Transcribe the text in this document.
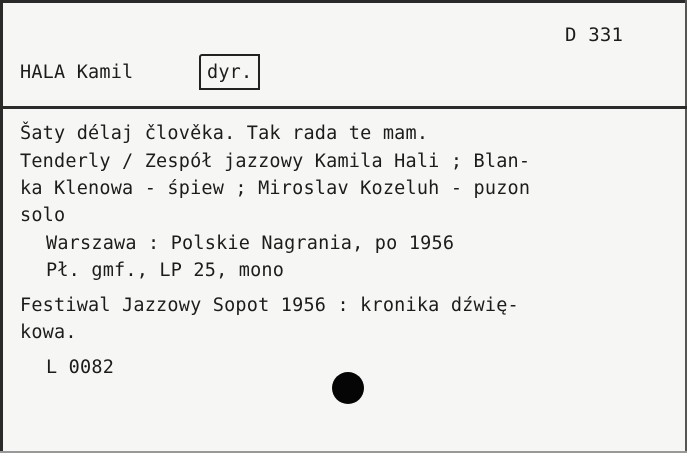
D 331
HALA Kamil	dyr.
Šaty délaj člověka. Tak rada te mam.
Tenderly / Zespół jazzowy Kamila Hali ; Blan-
ka Klenowa - śpiew ; Miroslav Kozeluh - puzon
solo
Warszawa : Polskie Nagrania, po 1956
Pł. gmf., LP 25, mono
Festiwal Jazzowy Sopot 1956 : kronika dźwię-
kowa.
L 0082
